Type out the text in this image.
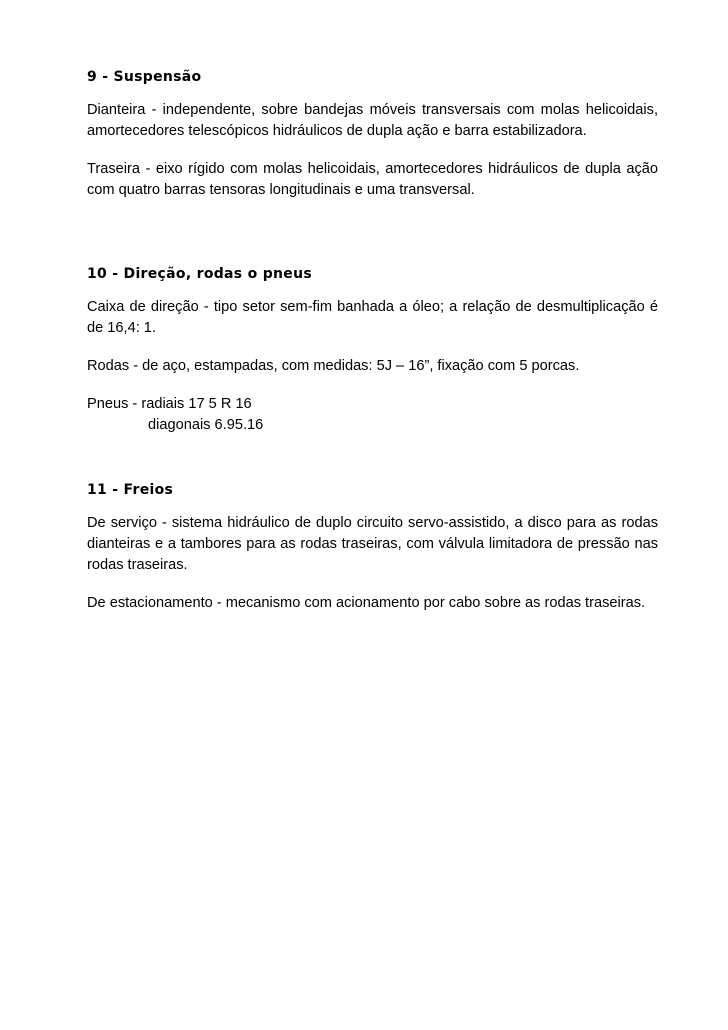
9 - Suspensão

Dianteira - independente, sobre bandejas móveis transversais com molas helicoidais, amortecedores telescópicos hidráulicos de dupla ação e barra estabilizadora.

Traseira - eixo rígido com molas helicoidais, amortecedores hidráulicos de dupla ação com quatro barras tensoras longitudinais e uma transversal.

10 - Direção, rodas o pneus

Caixa de direção - tipo setor sem-fim banhada a óleo; a relação de desmultiplicação é de 16,4: 1.

Rodas - de aço, estampadas, com medidas: 5J – 16”, fixação com 5 porcas.

Pneus - radiais 17 5 R 16

diagonais 6.95.16

11 - Freios

De serviço - sistema hidráulico de duplo circuito servo-assistido, a disco para as rodas dianteiras e a tambores para as rodas traseiras, com válvula limitadora de pressão nas rodas traseiras.

De estacionamento - mecanismo com acionamento por cabo sobre as rodas traseiras.
